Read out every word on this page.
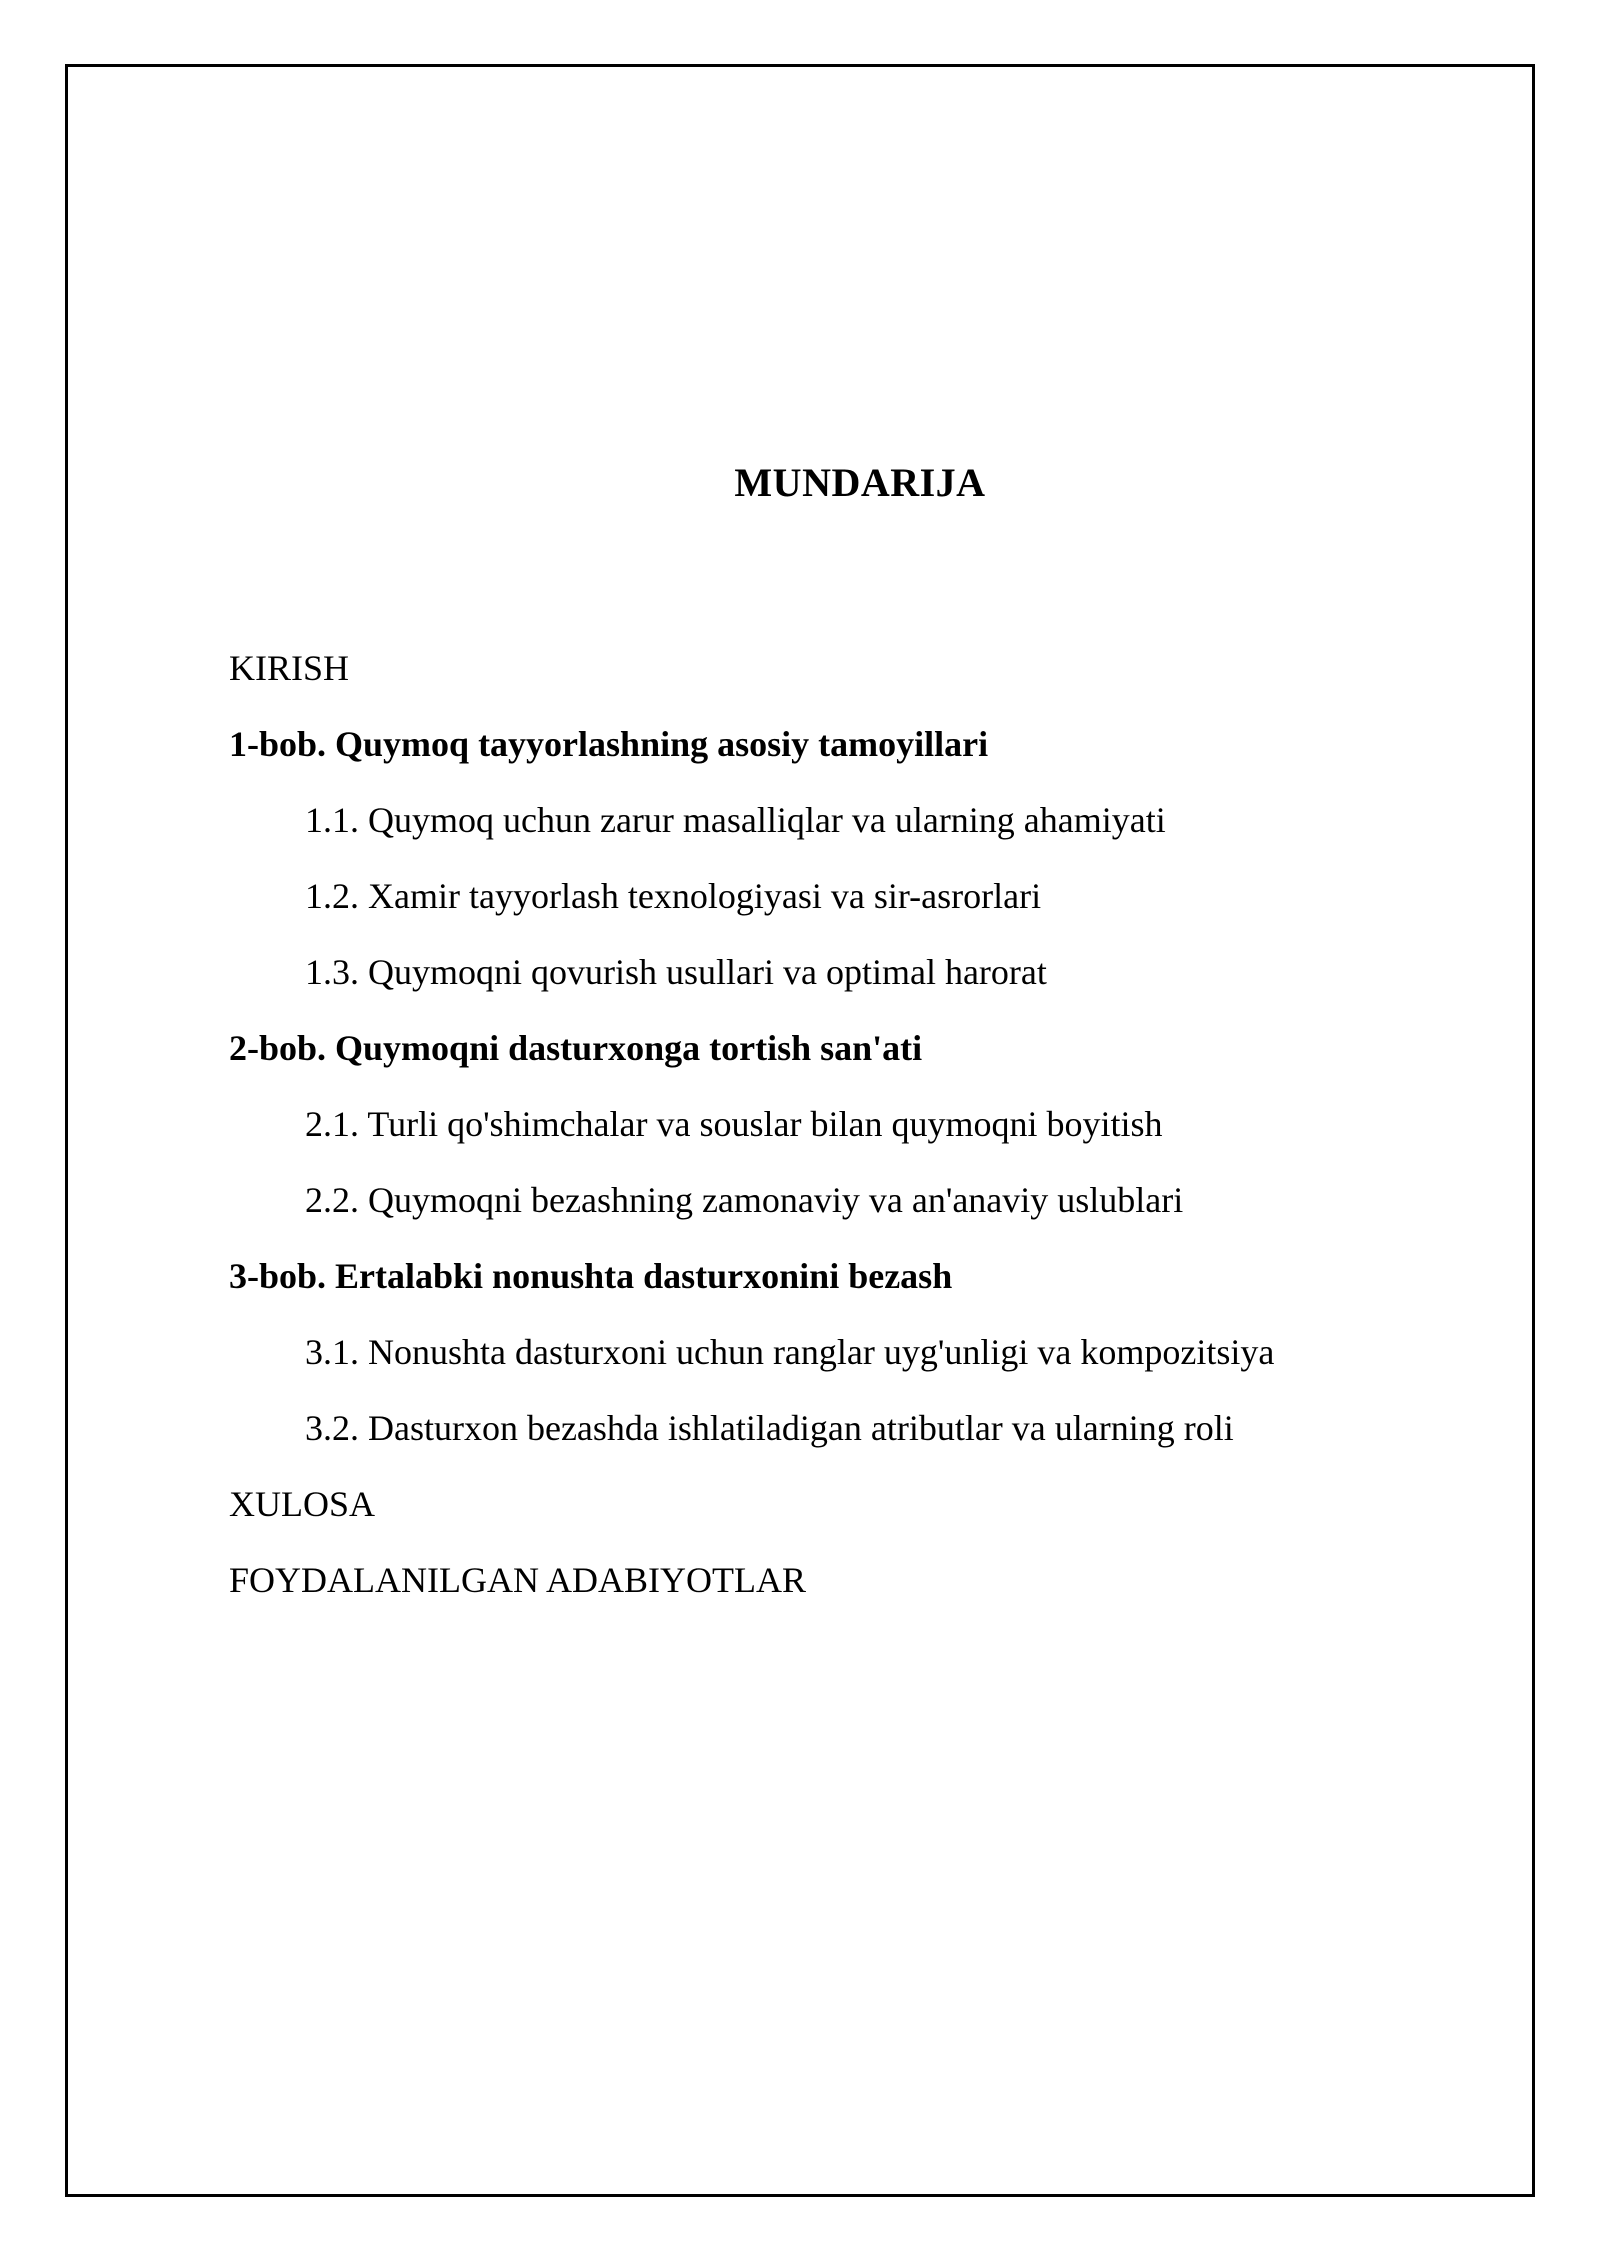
MUNDARIJA
KIRISH
1-bob. Quymoq tayyorlashning asosiy tamoyillari
1.1. Quymoq uchun zarur masalliqlar va ularning ahamiyati
1.2. Xamir tayyorlash texnologiyasi va sir-asrorlari
1.3. Quymoqni qovurish usullari va optimal harorat
2-bob. Quymoqni dasturxonga tortish san'ati
2.1. Turli qo'shimchalar va souslar bilan quymoqni boyitish
2.2. Quymoqni bezashning zamonaviy va an'anaviy uslublari
3-bob. Ertalabki nonushta dasturxonini bezash
3.1. Nonushta dasturxoni uchun ranglar uyg'unligi va kompozitsiya
3.2. Dasturxon bezashda ishlatiladigan atributlar va ularning roli
XULOSA
FOYDALANILGAN ADABIYOTLAR
